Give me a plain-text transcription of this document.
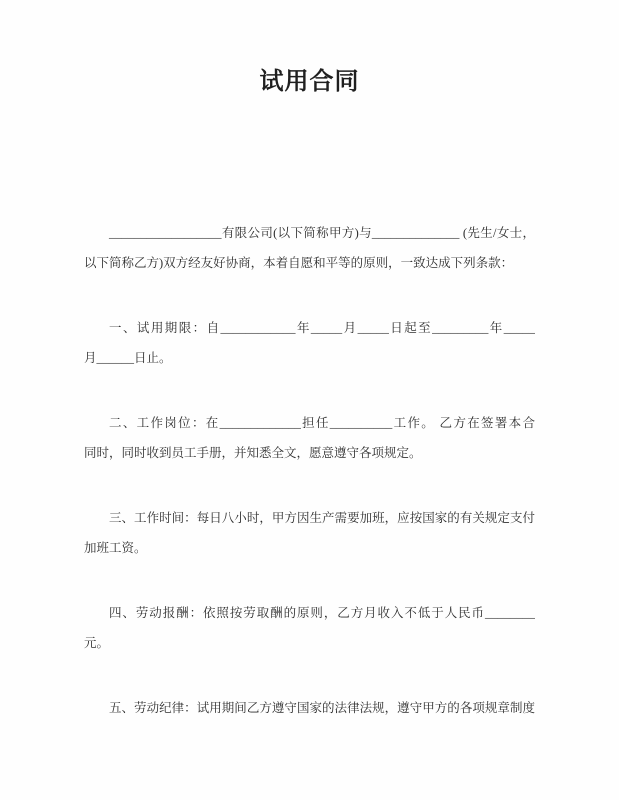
试用合同
__________________有限公司(以下简称甲方)与______________ (先生/女士，
以下简称乙方)双方经友好协商，本着自愿和平等的原则，一致达成下列条款：
一、试用期限：自____________年_____月_____日起至_________年_____
月______日止。
二、工作岗位：在_____________担任__________工作。 乙方在签署本合
同时，同时收到员工手册，并知悉全文，愿意遵守各项规定。
三、工作时间：每日八小时，甲方因生产需要加班，应按国家的有关规定支付
加班工资。
四、劳动报酬：依照按劳取酬的原则，乙方月收入不低于人民币________
元。
五、劳动纪律：试用期间乙方遵守国家的法律法规，遵守甲方的各项规章制度
